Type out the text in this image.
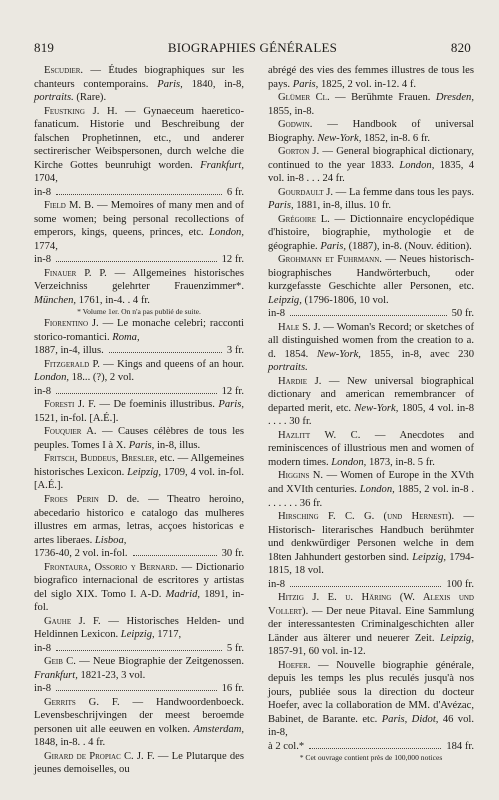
819	BIOGRAPHIES GÉNÉRALES	820

Escudier. — Études biographiques sur les chanteurs contemporains. Paris, 1840, in-8, portraits. (Rare).

Feustking J. H. — Gynaeceum haeretico-fanaticum. Historie und Beschreibung der falschen Prophetinnen, etc., und anderer sectirerischer Weibspersonen, durch welche die Kirche Gottes beunruhigt worden. Frankfurt, 1704,

in-8	6 fr.

Field M. B. — Memoires of many men and of some women; being personal recollections of emperors, kings, queens, princes, etc. London, 1774,

in-8	12 fr.

Finauer P. P. — Allgemeines historisches Verzeichniss gelehrter Frauenzimmer*. München, 1761, in-4. . 4 fr.

* Volume 1er. On n'a pas publié de suite.

Fiorentino J. — Le monache celebri; racconti storico-romantici. Roma,

1887, in-4, illus.	3 fr.

Fitzgerald P. — Kings and queens of an hour. London, 18... (?), 2 vol.

in-8	12 fr.

Foresti J. F. — De foeminis illustribus. Paris, 1521, in-fol. [A.É.].

Fouquier A. — Causes célèbres de tous les peuples. Tomes I à X. Paris, in-8, illus.

Fritsch, Buddeus, Bresler, etc. — Allgemeines historisches Lexicon. Leipzig, 1709, 4 vol. in-fol. [A.É.].

Froes Perin D. de. — Theatro heroino, abecedario historico e catalogo das mulheres illustres em armas, letras, acçoes historicas e artes liberaes. Lisboa,

1736-40, 2 vol. in-fol.	30 fr.

Frontaura, Ossorio y Bernard. — Dictionario biografico internacional de escritores y artistas del siglo XIX. Tomo I. A-D. Madrid, 1891, in-fol.

Gauhe J. F. — Historisches Helden- und Heldinnen Lexicon. Leipzig, 1717,

in-8	5 fr.

Geib C. — Neue Biographie der Zeitgenossen. Frankfurt, 1821-23, 3 vol.

in-8	16 fr.

Gerrits G. F. — Handwoordenboeck. Levensbeschrijvingen der meest beroemde personen uit alle eeuwen en volken. Amsterdam, 1848, in-8. . 4 fr.

Girard de Propiac C. J. F. — Le Plutarque des jeunes demoiselles, ou

abrégé des vies des femmes illustres de tous les pays. Paris, 1825, 2 vol. in-12. 4 f.

Glümer Cl. — Berühmte Frauen. Dresden, 1855, in-8.

Godwin. — Handbook of universal Biography. New-York, 1852, in-8. 6 fr.

Gorton J. — General biographical dictionary, continued to the year 1833. London, 1835, 4 vol. in-8 . . . 24 fr.

Gourdault J. — La femme dans tous les pays. Paris, 1881, in-8, illus. 10 fr.

Grégoire L. — Dictionnaire encyclopédique d'histoire, biographie, mythologie et de géographie. Paris, (1887), in-8. (Nouv. édition).

Grohmann et Fuhrmann. — Neues historisch- biographisches Handwörterbuch, oder kurzgefasste Geschichte aller Personen, etc. Leipzig, (1796-1806, 10 vol.

in-8	50 fr.

Hale S. J. — Woman's Record; or sketches of all distinguished women from the creation to a. d. 1854. New-York, 1855, in-8, avec 230 portraits.

Hardie J. — New universal biographical dictionary and american remembrancer of departed merit, etc. New-York, 1805, 4 vol. in-8 . . . . 30 fr.

Hazlitt W. C. — Anecdotes and reminiscences of illustrious men and women of modern times. London, 1873, in-8. 5 fr.

Higgins N. — Women of Europe in the XVth and XVIth centuries. London, 1885, 2 vol. in-8 . . . . . . . 36 fr.

Hirsching F. C. G. (und Hernesti). — Historisch- literarisches Handbuch berühmter und denkwürdiger Personen welche in dem 18ten Jahhundert gestorben sind. Leipzig, 1794-1815, 18 vol.

in-8	100 fr.

Hitzig J. E. u. Häring (W. Alexis und Vollert). — Der neue Pitaval. Eine Sammlung der interessantesten Criminalgeschichten aller Länder aus älterer und neuerer Zeit. Leipzig, 1857-91, 60 vol. in-12.

Hoefer. — Nouvelle biographie générale, depuis les temps les plus reculés jusqu'à nos jours, publiée sous la direction du docteur Hoefer, avec la collaboration de MM. d'Avézac, Babinet, de Barante. etc. Paris, Didot, 46 vol. in-8,

à 2 col.*	184 fr.

* Cet ouvrage contient près de 100,000 notices
